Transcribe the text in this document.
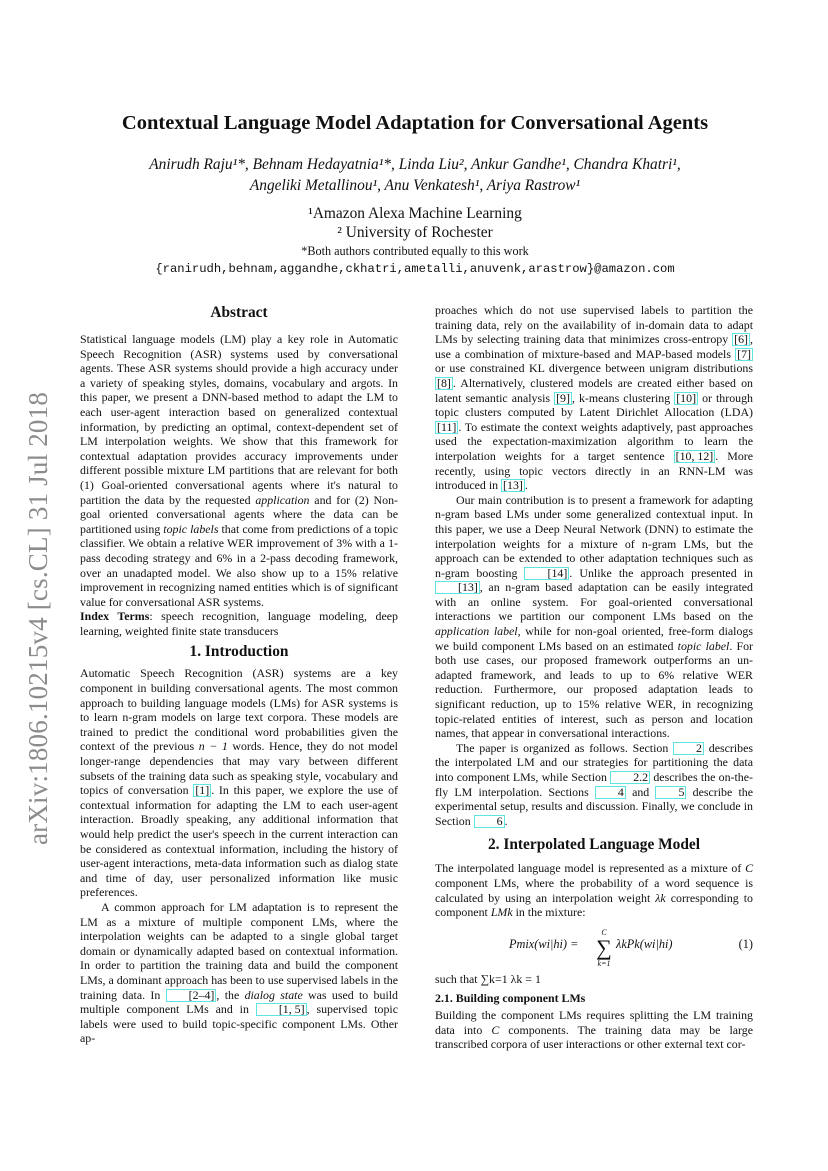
arXiv:1806.10215v4 [cs.CL] 31 Jul 2018
Contextual Language Model Adaptation for Conversational Agents
Anirudh Raju¹*, Behnam Hedayatnia¹*, Linda Liu², Ankur Gandhe¹, Chandra Khatri¹,
Angeliki Metallinou¹, Anu Venkatesh¹, Ariya Rastrow¹
¹Amazon Alexa Machine Learning
² University of Rochester
*Both authors contributed equally to this work
{ranirudh,behnam,aggandhe,ckhatri,ametalli,anuvenk,arastrow}@amazon.com
Abstract

Statistical language models (LM) play a key role in Automatic Speech Recognition (ASR) systems used by conversational agents. These ASR systems should provide a high accuracy under a variety of speaking styles, domains, vocabulary and argots. In this paper, we present a DNN-based method to adapt the LM to each user-agent interaction based on generalized contextual information, by predicting an optimal, context-dependent set of LM interpolation weights. We show that this framework for contextual adaptation provides accuracy improvements under different possible mixture LM partitions that are relevant for both (1) Goal-oriented conversational agents where it's natural to partition the data by the requested application and for (2) Non-goal oriented conversational agents where the data can be partitioned using topic labels that come from predictions of a topic classifier. We obtain a relative WER improvement of 3% with a 1-pass decoding strategy and 6% in a 2-pass decoding framework, over an unadapted model. We also show up to a 15% relative improvement in recognizing named entities which is of significant value for conversational ASR systems.

Index Terms: speech recognition, language modeling, deep learning, weighted finite state transducers

1. Introduction

Automatic Speech Recognition (ASR) systems are a key component in building conversational agents. The most common approach to building language models (LMs) for ASR systems is to learn n-gram models on large text corpora. These models are trained to predict the conditional word probabilities given the context of the previous n − 1 words. Hence, they do not model longer-range dependencies that may vary between different subsets of the training data such as speaking style, vocabulary and topics of conversation [1] . In this paper, we explore the use of contextual information for adapting the LM to each user-agent interaction. Broadly speaking, any additional information that would help predict the user's speech in the current interaction can be considered as contextual information, including the history of user-agent interactions, meta-data information such as dialog state and time of day, user personalized information like music preferences.

A common approach for LM adaptation is to represent the LM as a mixture of multiple component LMs, where the interpolation weights can be adapted to a single global target domain or dynamically adapted based on contextual information. In order to partition the training data and build the component LMs, a dominant approach has been to use supervised labels in the training data. In [2–4] , the dialog state was used to build multiple component LMs and in [1, 5] , supervised topic labels were used to build topic-specific component LMs. Other ap-

proaches which do not use supervised labels to partition the training data, rely on the availability of in-domain data to adapt LMs by selecting training data that minimizes cross-entropy [6] , use a combination of mixture-based and MAP-based models [7] or use constrained KL divergence between unigram distributions [8] . Alternatively, clustered models are created either based on latent semantic analysis [9] , k-means clustering [10] or through topic clusters computed by Latent Dirichlet Allocation (LDA) [11] . To estimate the context weights adaptively, past approaches used the expectation-maximization algorithm to learn the interpolation weights for a target sentence [10, 12] . More recently, using topic vectors directly in an RNN-LM was introduced in [13] .

Our main contribution is to present a framework for adapting n-gram based LMs under some generalized contextual input. In this paper, we use a Deep Neural Network (DNN) to estimate the interpolation weights for a mixture of n-gram LMs, but the approach can be extended to other adaptation techniques such as n-gram boosting [14] . Unlike the approach presented in [13] , an n-gram based adaptation can be easily integrated with an online system. For goal-oriented conversational interactions we partition our component LMs based on the application label, while for non-goal oriented, free-form dialogs we build component LMs based on an estimated topic label. For both use cases, our proposed framework outperforms an un-adapted framework, and leads to up to 6% relative WER reduction. Furthermore, our proposed adaptation leads to significant reduction, up to 15% relative WER, in recognizing topic-related entities of interest, such as person and location names, that appear in conversational interactions.

The paper is organized as follows. Section 2 describes the interpolated LM and our strategies for partitioning the data into component LMs, while Section 2.2 describes the on-the-fly LM interpolation. Sections 4 and 5 describe the experimental setup, results and discussion. Finally, we conclude in Section 6 .

2. Interpolated Language Model

The interpolated language model is represented as a mixture of C component LMs, where the probability of a word sequence is calculated by using an interpolation weight λk corresponding to component LMk in the mixture:

Pmix(wi|hi) =
C
∑
k=1
λkPk(wi|hi)	(1)

such that ∑k=1 λk = 1

2.1. Building component LMs

Building the component LMs requires splitting the LM training data into C components. The training data may be large transcribed corpora of user interactions or other external text cor-
